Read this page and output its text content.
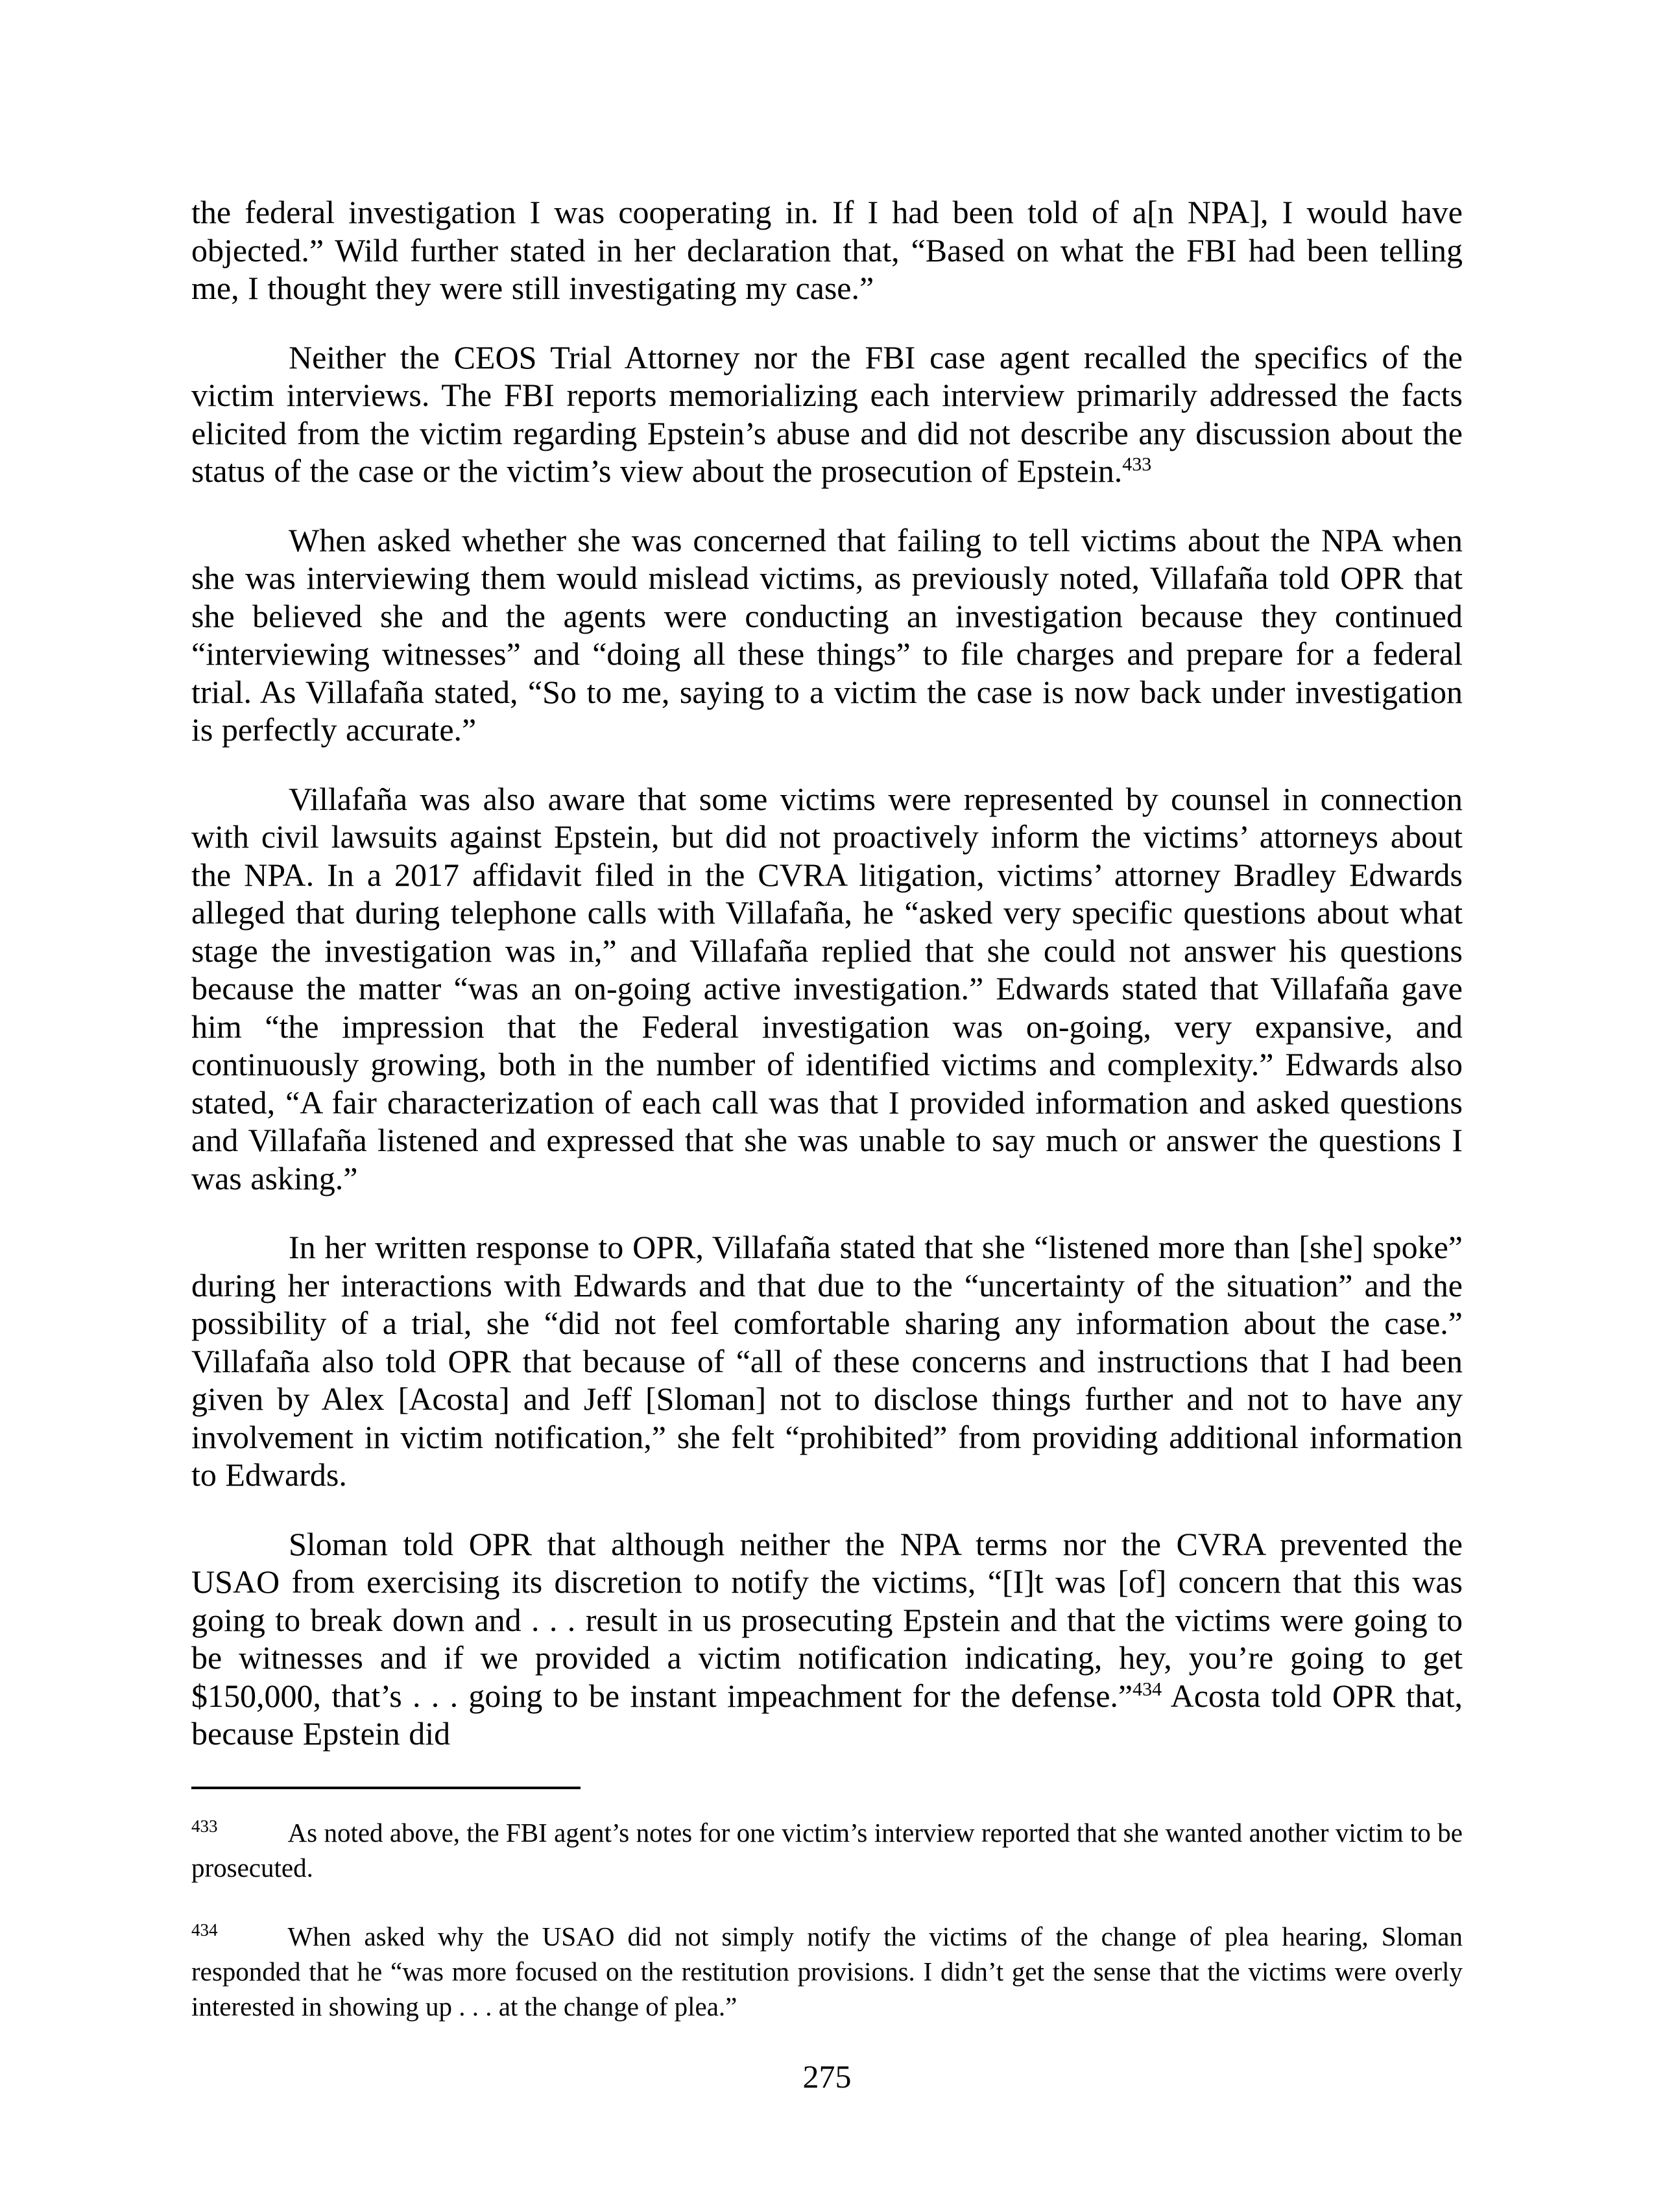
the federal investigation I was cooperating in. If I had been told of a[n NPA], I would have objected.” Wild further stated in her declaration that, “Based on what the FBI had been telling me, I thought they were still investigating my case.”

Neither the CEOS Trial Attorney nor the FBI case agent recalled the specifics of the victim interviews. The FBI reports memorializing each interview primarily addressed the facts elicited from the victim regarding Epstein’s abuse and did not describe any discussion about the status of the case or the victim’s view about the prosecution of Epstein.$^{433}$

When asked whether she was concerned that failing to tell victims about the NPA when she was interviewing them would mislead victims, as previously noted, Villafaña told OPR that she believed she and the agents were conducting an investigation because they continued “interviewing witnesses” and “doing all these things” to file charges and prepare for a federal trial. As Villafaña stated, “So to me, saying to a victim the case is now back under investigation is perfectly accurate.”

Villafaña was also aware that some victims were represented by counsel in connection with civil lawsuits against Epstein, but did not proactively inform the victims’ attorneys about the NPA. In a 2017 affidavit filed in the CVRA litigation, victims’ attorney Bradley Edwards alleged that during telephone calls with Villafaña, he “asked very specific questions about what stage the investigation was in,” and Villafaña replied that she could not answer his questions because the matter “was an on-going active investigation.” Edwards stated that Villafaña gave him “the impression that the Federal investigation was on-going, very expansive, and continuously growing, both in the number of identified victims and complexity.” Edwards also stated, “A fair characterization of each call was that I provided information and asked questions and Villafaña listened and expressed that she was unable to say much or answer the questions I was asking.”

In her written response to OPR, Villafaña stated that she “listened more than [she] spoke” during her interactions with Edwards and that due to the “uncertainty of the situation” and the possibility of a trial, she “did not feel comfortable sharing any information about the case.” Villafaña also told OPR that because of “all of these concerns and instructions that I had been given by Alex [Acosta] and Jeff [Sloman] not to disclose things further and not to have any involvement in victim notification,” she felt “prohibited” from providing additional information to Edwards.

Sloman told OPR that although neither the NPA terms nor the CVRA prevented the USAO from exercising its discretion to notify the victims, “[I]t was [of] concern that this was going to break down and . . . result in us prosecuting Epstein and that the victims were going to be witnesses and if we provided a victim notification indicating, hey, you’re going to get $150,000, that’s . . . going to be instant impeachment for the defense.”$^{434}$ Acosta told OPR that, because Epstein did

$^{433}$	As noted above, the FBI agent’s notes for one victim’s interview reported that she wanted another victim to be prosecuted.

$^{434}$	When asked why the USAO did not simply notify the victims of the change of plea hearing, Sloman responded that he “was more focused on the restitution provisions. I didn’t get the sense that the victims were overly interested in showing up . . . at the change of plea.”

275
